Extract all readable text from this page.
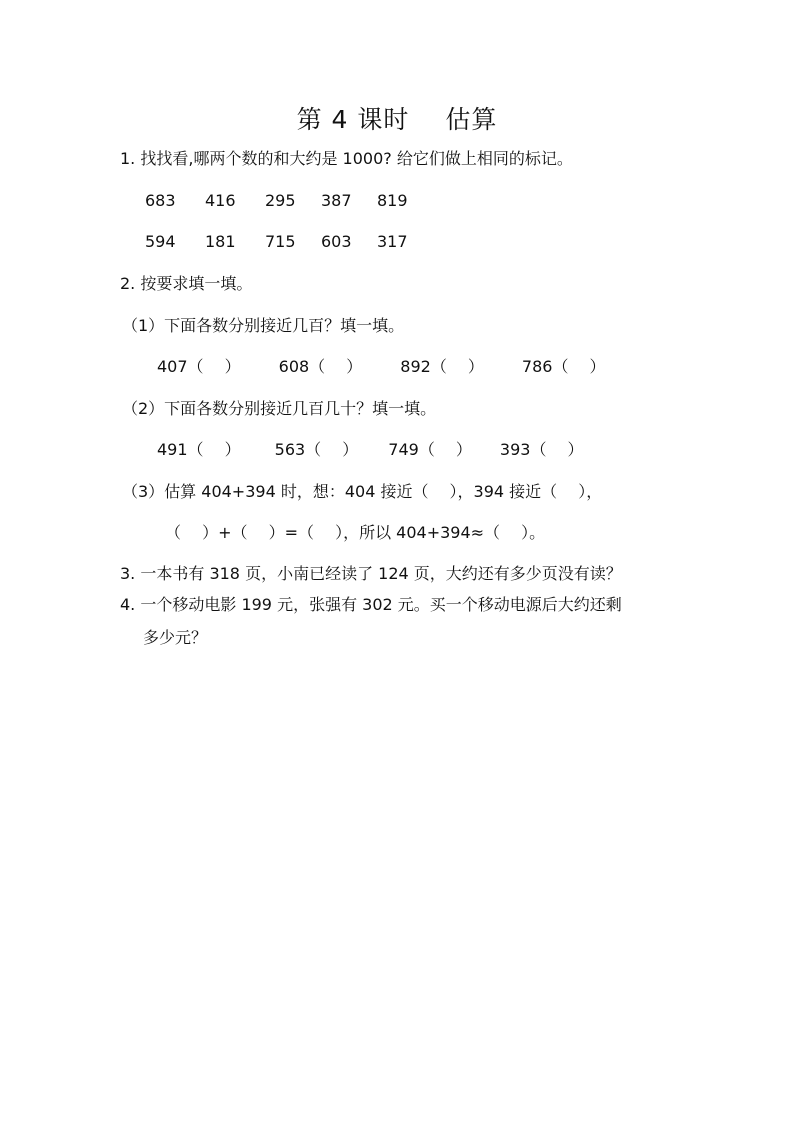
第 4 课时 估算
1. 找找看,哪两个数的和大约是 1000? 给它们做上相同的标记。
683 416 295 387 819
594 181 715 603 317
2. 按要求填一填。
（1）下面各数分别接近几百？填一填。
407（　 ） 608（　 ） 892（　 ） 786（　 ）
（2）下面各数分别接近几百几十？填一填。
491（　 ） 563（　 ） 749（　 ） 393（　 ）
（3）估算 404+394 时，想：404 接近（　 ），394 接近（　 ），
（　 ）+（　 ）=（　 ），所以 404+394≈（　 ）。
3. 一本书有 318 页，小南已经读了 124 页，大约还有多少页没有读？
4. 一个移动电影 199 元，张强有 302 元。买一个移动电源后大约还剩
多少元？
